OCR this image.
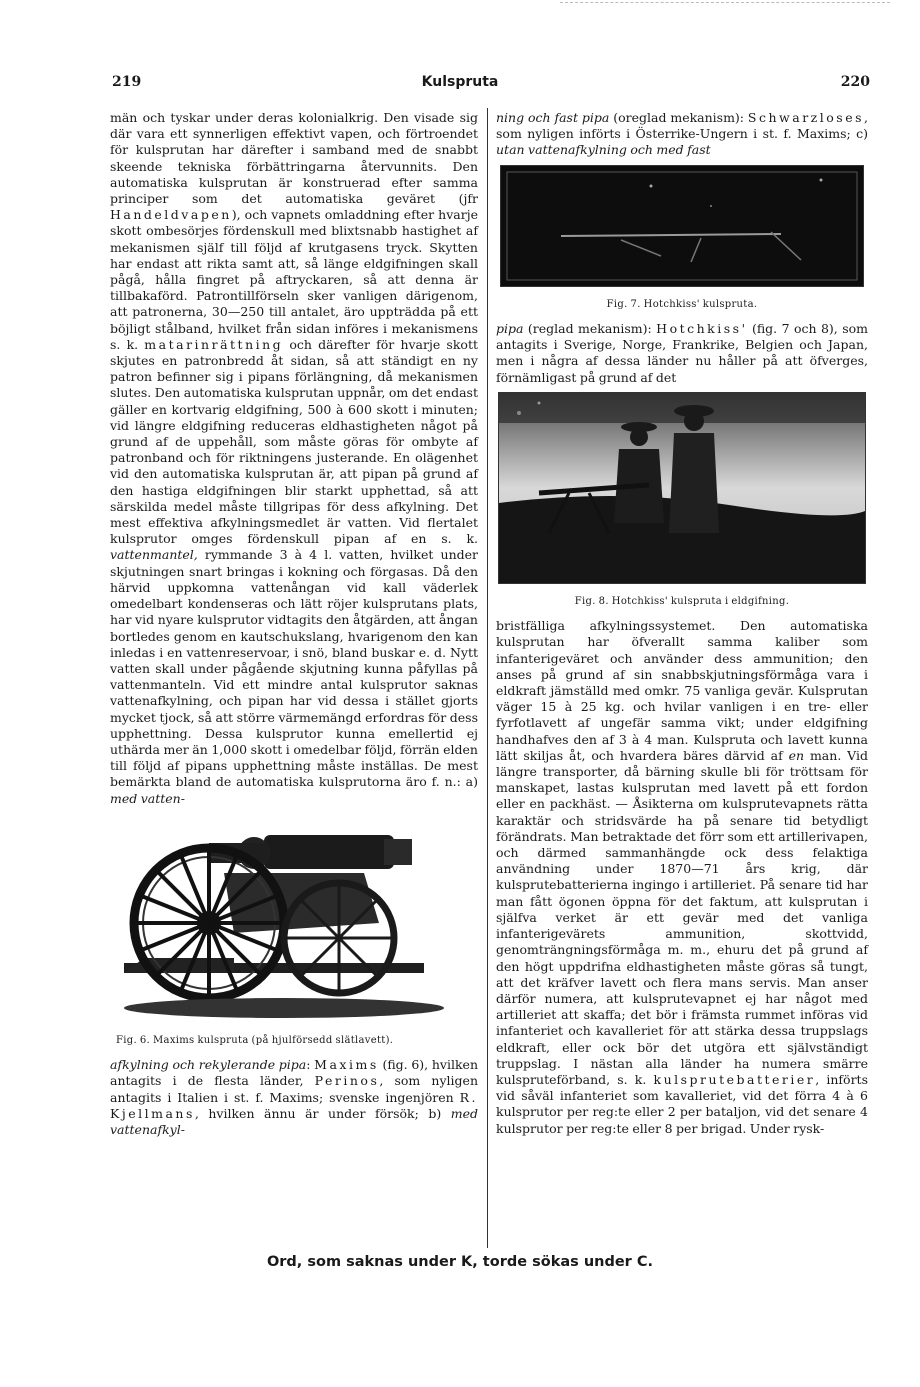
219	Kulspruta	220

män och tyskar under deras kolonialkrig. Den visade sig där vara ett synnerligen effektivt vapen, och förtroendet för kulsprutan har därefter i samband med de snabbt skeende tekniska förbättringarna återvunnits. Den automatiska kulsprutan är konstruerad efter samma principer som det automatiska geväret (jfr Handeldvapen), och vapnets omladdning efter hvarje skott ombesörjes fördenskull med blixtsnabb hastighet af mekanismen själf till följd af krutgasens tryck. Skytten har endast att rikta samt att, så länge eldgifningen skall pågå, hålla fingret på aftryckaren, så att denna är tillbakaförd. Patrontillförseln sker vanligen därigenom, att patronerna, 30—250 till antalet, äro uppträdda på ett böjligt stålband, hvilket från sidan införes i mekanismens s. k. matarinrättning och därefter för hvarje skott skjutes en patronbredd åt sidan, så att ständigt en ny patron befinner sig i pipans förlängning, då mekanismen slutes. Den automatiska kulsprutan uppnår, om det endast gäller en kortvarig eldgifning, 500 à 600 skott i minuten; vid längre eldgifning reduceras eldhastigheten något på grund af de uppehåll, som måste göras för ombyte af patronband och för riktningens justerande. En olägenhet vid den automatiska kulsprutan är, att pipan på grund af den hastiga eldgifningen blir starkt upphettad, så att särskilda medel måste tillgripas för dess afkylning. Det mest effektiva afkylningsmedlet är vatten. Vid flertalet kulsprutor omges fördenskull pipan af en s. k. vattenmantel, rymmande 3 à 4 l. vatten, hvilket under skjutningen snart bringas i kokning och förgasas. Då den härvid uppkomna vattenångan vid kall väderlek omedelbart kondenseras och lätt röjer kulsprutans plats, har vid nyare kulsprutor vidtagits den åtgärden, att ångan bortledes genom en kautschukslang, hvarigenom den kan inledas i en vattenreservoar, i snö, bland buskar e. d. Nytt vatten skall under pågående skjutning kunna påfyllas på vattenmanteln. Vid ett mindre antal kulsprutor saknas vattenafkylning, och pipan har vid dessa i stället gjorts mycket tjock, så att större värmemängd erfordras för dess upphettning. Dessa kulsprutor kunna emellertid ej uthärda mer än 1,000 skott i omedelbar följd, förrän elden till följd af pipans upphettning måste inställas. De mest bemärkta bland de automatiska kulsprutorna äro f. n.: a) med vatten-

Fig. 6. Maxims kulspruta (på hjulförsedd slätlavett).

afkylning och rekylerande pipa: Maxims (fig. 6), hvilken antagits i de flesta länder, Perinos, som nyligen antagits i Italien i st. f. Maxims; svenske ingenjören R. Kjellmans, hvilken ännu är under försök; b) med vattenafkyl-

ning och fast pipa (oreglad mekanism): Schwarzloses, som nyligen införts i Österrike-Ungern i st. f. Maxims; c) utan vattenafkylning och med fast

Fig. 7. Hotchkiss' kulspruta.

pipa (reglad mekanism): Hotchkiss' (fig. 7 och 8), som antagits i Sverige, Norge, Frankrike, Belgien och Japan, men i några af dessa länder nu håller på att öfverges, förnämligast på grund af det

Fig. 8. Hotchkiss' kulspruta i eldgifning.

bristfälliga afkylningssystemet. Den automatiska kulsprutan har öfverallt samma kaliber som infanterigeväret och använder dess ammunition; den anses på grund af sin snabbskjutningsförmåga vara i eldkraft jämställd med omkr. 75 vanliga gevär. Kulsprutan väger 15 à 25 kg. och hvilar vanligen i en tre- eller fyrfotlavett af ungefär samma vikt; under eldgifning handhafves den af 3 à 4 man. Kulspruta och lavett kunna lätt skiljas åt, och hvardera bäres därvid af en man. Vid längre transporter, då bärning skulle bli för tröttsam för manskapet, lastas kulsprutan med lavett på ett fordon eller en packhäst. — Åsikterna om kulsprutevapnets rätta karaktär och stridsvärde ha på senare tid betydligt förändrats. Man betraktade det förr som ett artillerivapen, och därmed sammanhängde ock dess felaktiga användning under 1870—71 års krig, där kulsprutebatterierna ingingo i artilleriet. På senare tid har man fått ögonen öppna för det faktum, att kulsprutan i själfva verket är ett gevär med det vanliga infanterigevärets ammunition, skottvidd, genomträngningsförmåga m. m., ehuru det på grund af den högt uppdrifna eldhastigheten måste göras så tungt, att det kräfver lavett och flera mans servis. Man anser därför numera, att kulsprutevapnet ej har något med artilleriet att skaffa; det bör i främsta rummet införas vid infanteriet och kavalleriet för att stärka dessa truppslags eldkraft, eller ock bör det utgöra ett självständigt truppslag. I nästan alla länder ha numera smärre kulspruteförband, s. k. kulsprutebatterier, införts vid såväl infanteriet som kavalleriet, vid det förra 4 à 6 kulsprutor per reg:te eller 2 per bataljon, vid det senare 4 kulsprutor per reg:te eller 8 per brigad. Under rysk-

Ord, som saknas under K, torde sökas under C.
